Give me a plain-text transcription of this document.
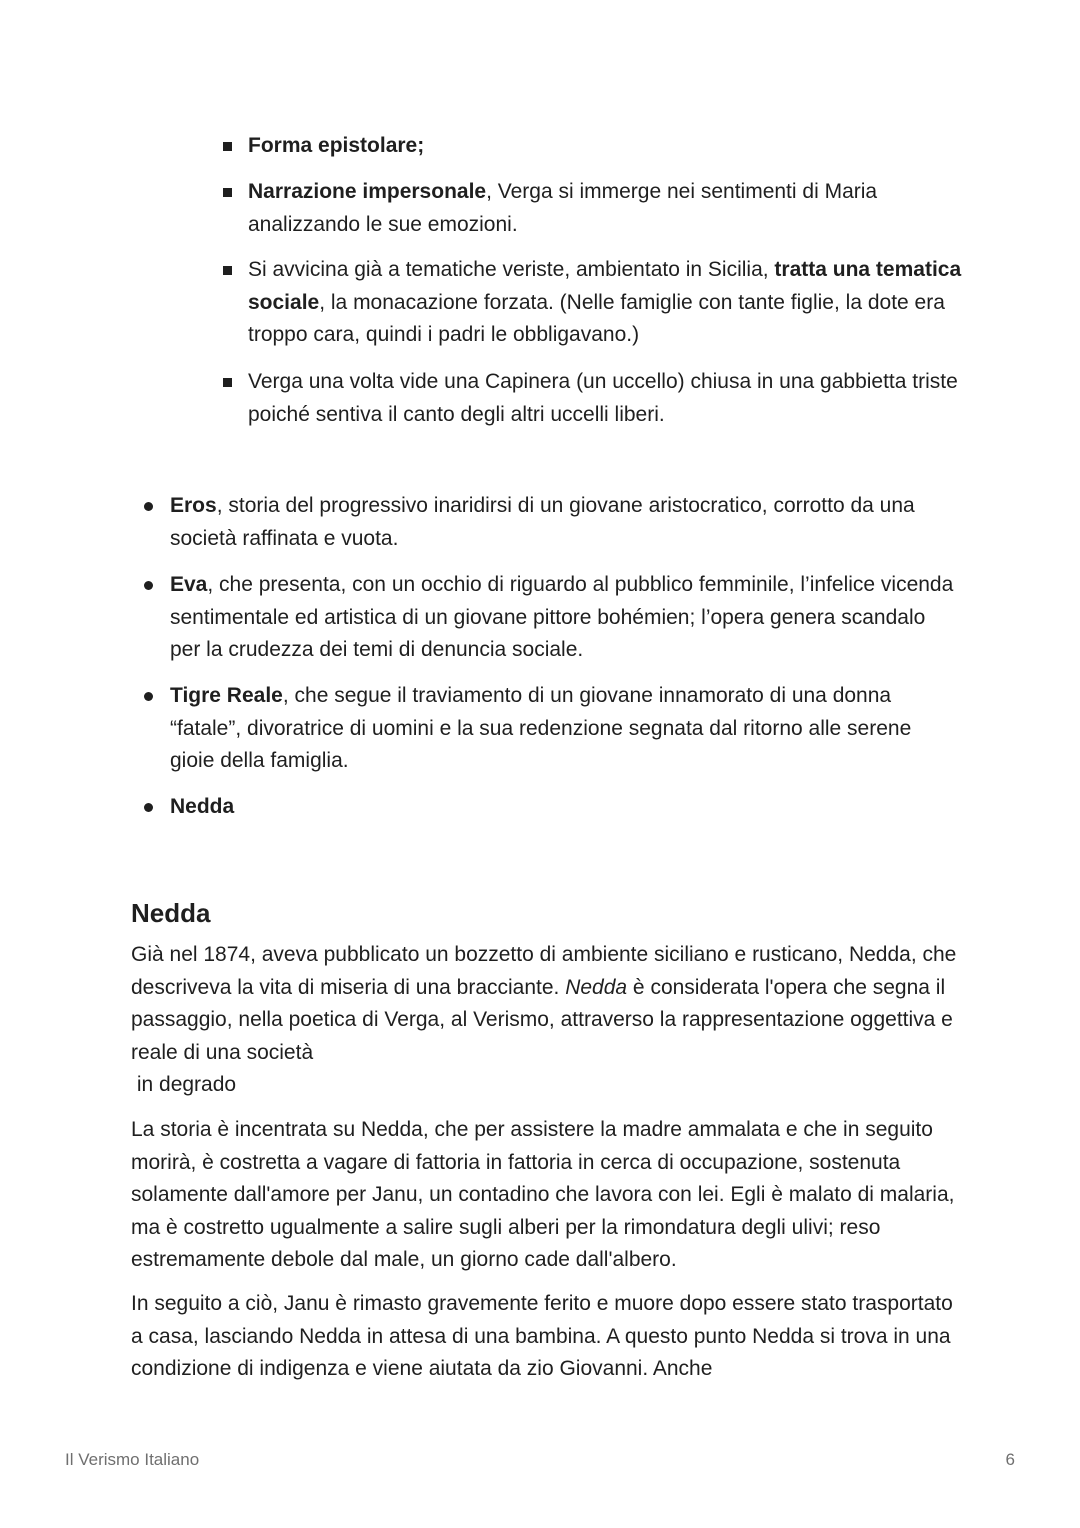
Forma epistolare;
Narrazione impersonale, Verga si immerge nei sentimenti di Maria analizzando le sue emozioni.
Si avvicina già a tematiche veriste, ambientato in Sicilia, tratta una tematica sociale, la monacazione forzata. (Nelle famiglie con tante figlie, la dote era troppo cara, quindi i padri le obbligavano.)
Verga una volta vide una Capinera (un uccello) chiusa in una gabbietta triste poiché sentiva il canto degli altri uccelli liberi.
Eros, storia del progressivo inaridirsi di un giovane aristocratico, corrotto da una società raffinata e vuota.
Eva, che presenta, con un occhio di riguardo al pubblico femminile, l’infelice vicenda sentimentale ed artistica di un giovane pittore bohémien; l’opera genera scandalo per la crudezza dei temi di denuncia sociale.
Tigre Reale, che segue il traviamento di un giovane innamorato di una donna “fatale”, divoratrice di uomini e la sua redenzione segnata dal ritorno alle serene gioie della famiglia.
Nedda
Nedda
Già nel 1874, aveva pubblicato un bozzetto di ambiente siciliano e rusticano, Nedda, che descriveva la vita di miseria di una bracciante. Nedda è considerata l'opera che segna il passaggio, nella poetica di Verga, al Verismo, attraverso la rappresentazione oggettiva e reale di una società
in degrado
La storia è incentrata su Nedda, che per assistere la madre ammalata e che in seguito morirà, è costretta a vagare di fattoria in fattoria in cerca di occupazione, sostenuta solamente dall'amore per Janu, un contadino che lavora con lei. Egli è malato di malaria, ma è costretto ugualmente a salire sugli alberi per la rimondatura degli ulivi; reso estremamente debole dal male, un giorno cade dall'albero.
In seguito a ciò, Janu è rimasto gravemente ferito e muore dopo essere stato trasportato a casa, lasciando Nedda in attesa di una bambina. A questo punto Nedda si trova in una condizione di indigenza e viene aiutata da zio Giovanni. Anche
Il Verismo Italiano	6
